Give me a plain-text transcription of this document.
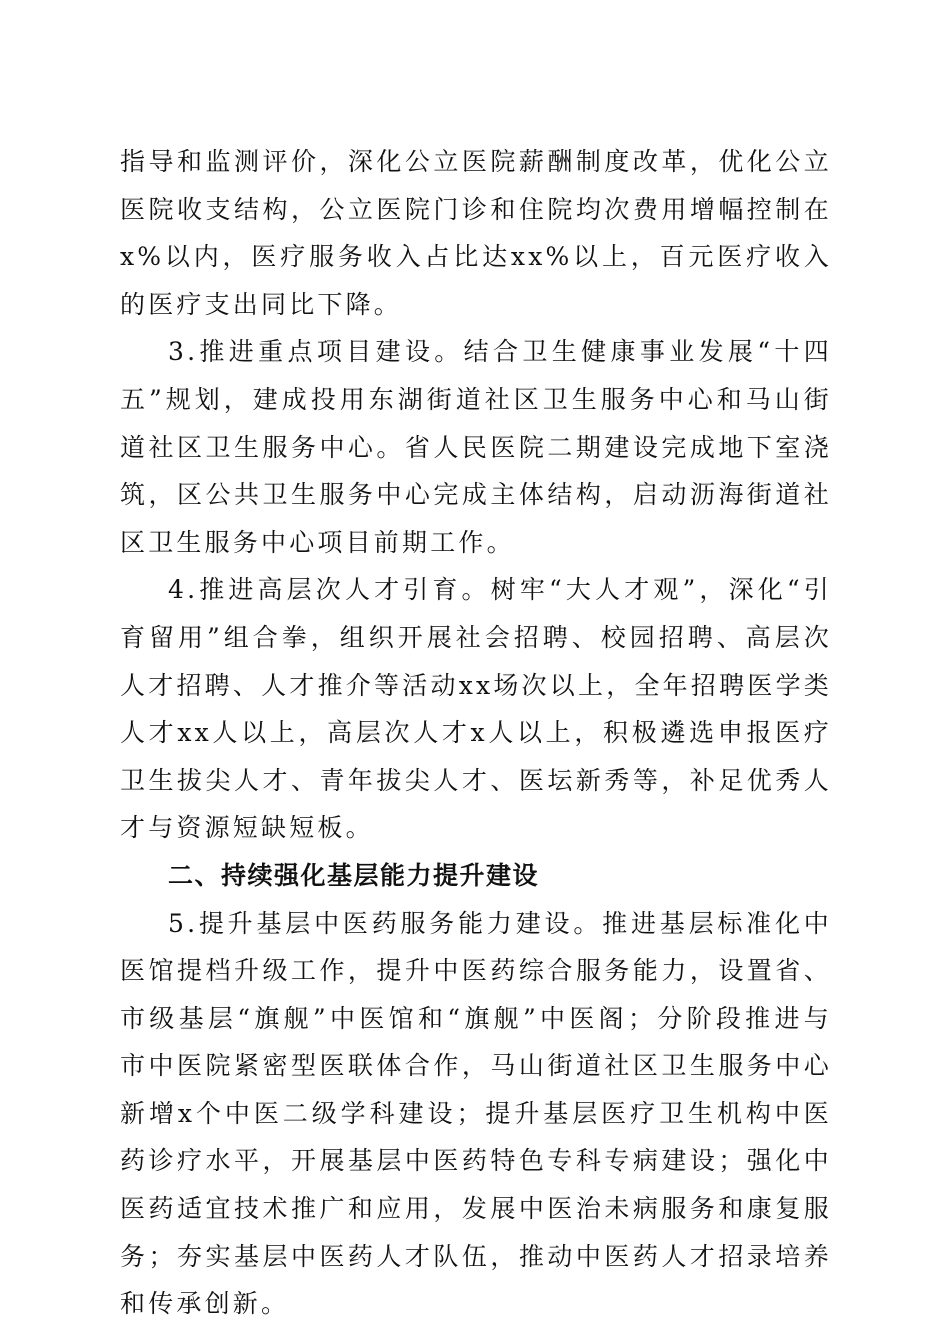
指导和监测评价，深化公立医院薪酬制度改革，优化公立医院收支结构，公立医院门诊和住院均次费用增幅控制在x%以内，医疗服务收入占比达xx%以上，百元医疗收入的医疗支出同比下降。

3.推进重点项目建设。结合卫生健康事业发展“十四五”规划，建成投用东湖街道社区卫生服务中心和马山街道社区卫生服务中心。省人民医院二期建设完成地下室浇筑，区公共卫生服务中心完成主体结构，启动沥海街道社区卫生服务中心项目前期工作。

4.推进高层次人才引育。树牢“大人才观”，深化“引育留用”组合拳，组织开展社会招聘、校园招聘、高层次人才招聘、人才推介等活动xx场次以上，全年招聘医学类人才xx人以上，高层次人才x人以上，积极遴选申报医疗卫生拔尖人才、青年拔尖人才、医坛新秀等，补足优秀人才与资源短缺短板。

二、持续强化基层能力提升建设

5.提升基层中医药服务能力建设。推进基层标准化中医馆提档升级工作，提升中医药综合服务能力，设置省、市级基层“旗舰”中医馆和“旗舰”中医阁；分阶段推进与市中医院紧密型医联体合作，马山街道社区卫生服务中心新增x个中医二级学科建设；提升基层医疗卫生机构中医药诊疗水平，开展基层中医药特色专科专病建设；强化中医药适宜技术推广和应用，发展中医治未病服务和康复服务；夯实基层中医药人才队伍，推动中医药人才招录培养和传承创新。
